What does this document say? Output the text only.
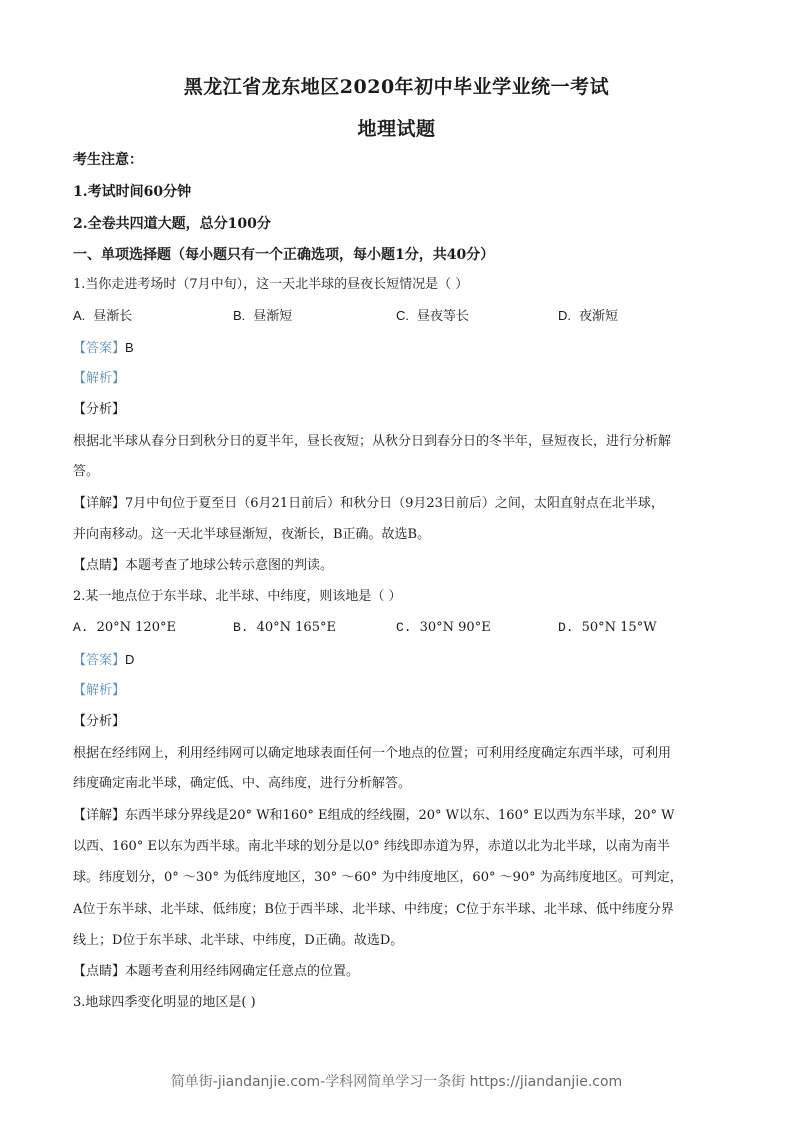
黑龙江省龙东地区2020年初中毕业学业统一考试
地理试题
考生注意：
1.考试时间60分钟
2.全卷共四道大题，总分100分
一、单项选择题（每小题只有一个正确选项，每小题1分，共40分）
1.当你走进考场时（7月中旬），这一天北半球的昼夜长短情况是（ ）
A. 昼渐长	B. 昼渐短	C. 昼夜等长	D. 夜渐短
【答案】B
【解析】
【分析】
根据北半球从春分日到秋分日的夏半年，昼长夜短；从秋分日到春分日的冬半年，昼短夜长，进行分析解
答。
【详解】7月中旬位于夏至日（6月21日前后）和秋分日（9月23日前后）之间，太阳直射点在北半球，
并向南移动。这一天北半球昼渐短，夜渐长，B正确。故选B。
【点睛】本题考查了地球公转示意图的判读。
2.某一地点位于东半球、北半球、中纬度，则该地是（ ）
A. 20°N 120°E	B. 40°N 165°E	C. 30°N 90°E	D. 50°N 15°W
【答案】D
【解析】
【分析】
根据在经纬网上，利用经纬网可以确定地球表面任何一个地点的位置；可利用经度确定东西半球，可利用
纬度确定南北半球，确定低、中、高纬度，进行分析解答。
【详解】东西半球分界线是20° W和160° E组成的经线圈，20° W以东、160° E以西为东半球，20° W
以西、160° E以东为西半球。南北半球的划分是以0° 纬线即赤道为界，赤道以北为北半球，以南为南半
球。纬度划分，0° ～30° 为低纬度地区，30° ～60° 为中纬度地区，60° ～90° 为高纬度地区。可判定，
A位于东半球、北半球、低纬度；B位于西半球、北半球、中纬度；C位于东半球、北半球、低中纬度分界
线上；D位于东半球、北半球、中纬度，D正确。故选D。
【点睛】本题考查利用经纬网确定任意点的位置。
3.地球四季变化明显的地区是( )
简单街-jiandanjie.com-学科网简单学习一条街 https://jiandanjie.com
